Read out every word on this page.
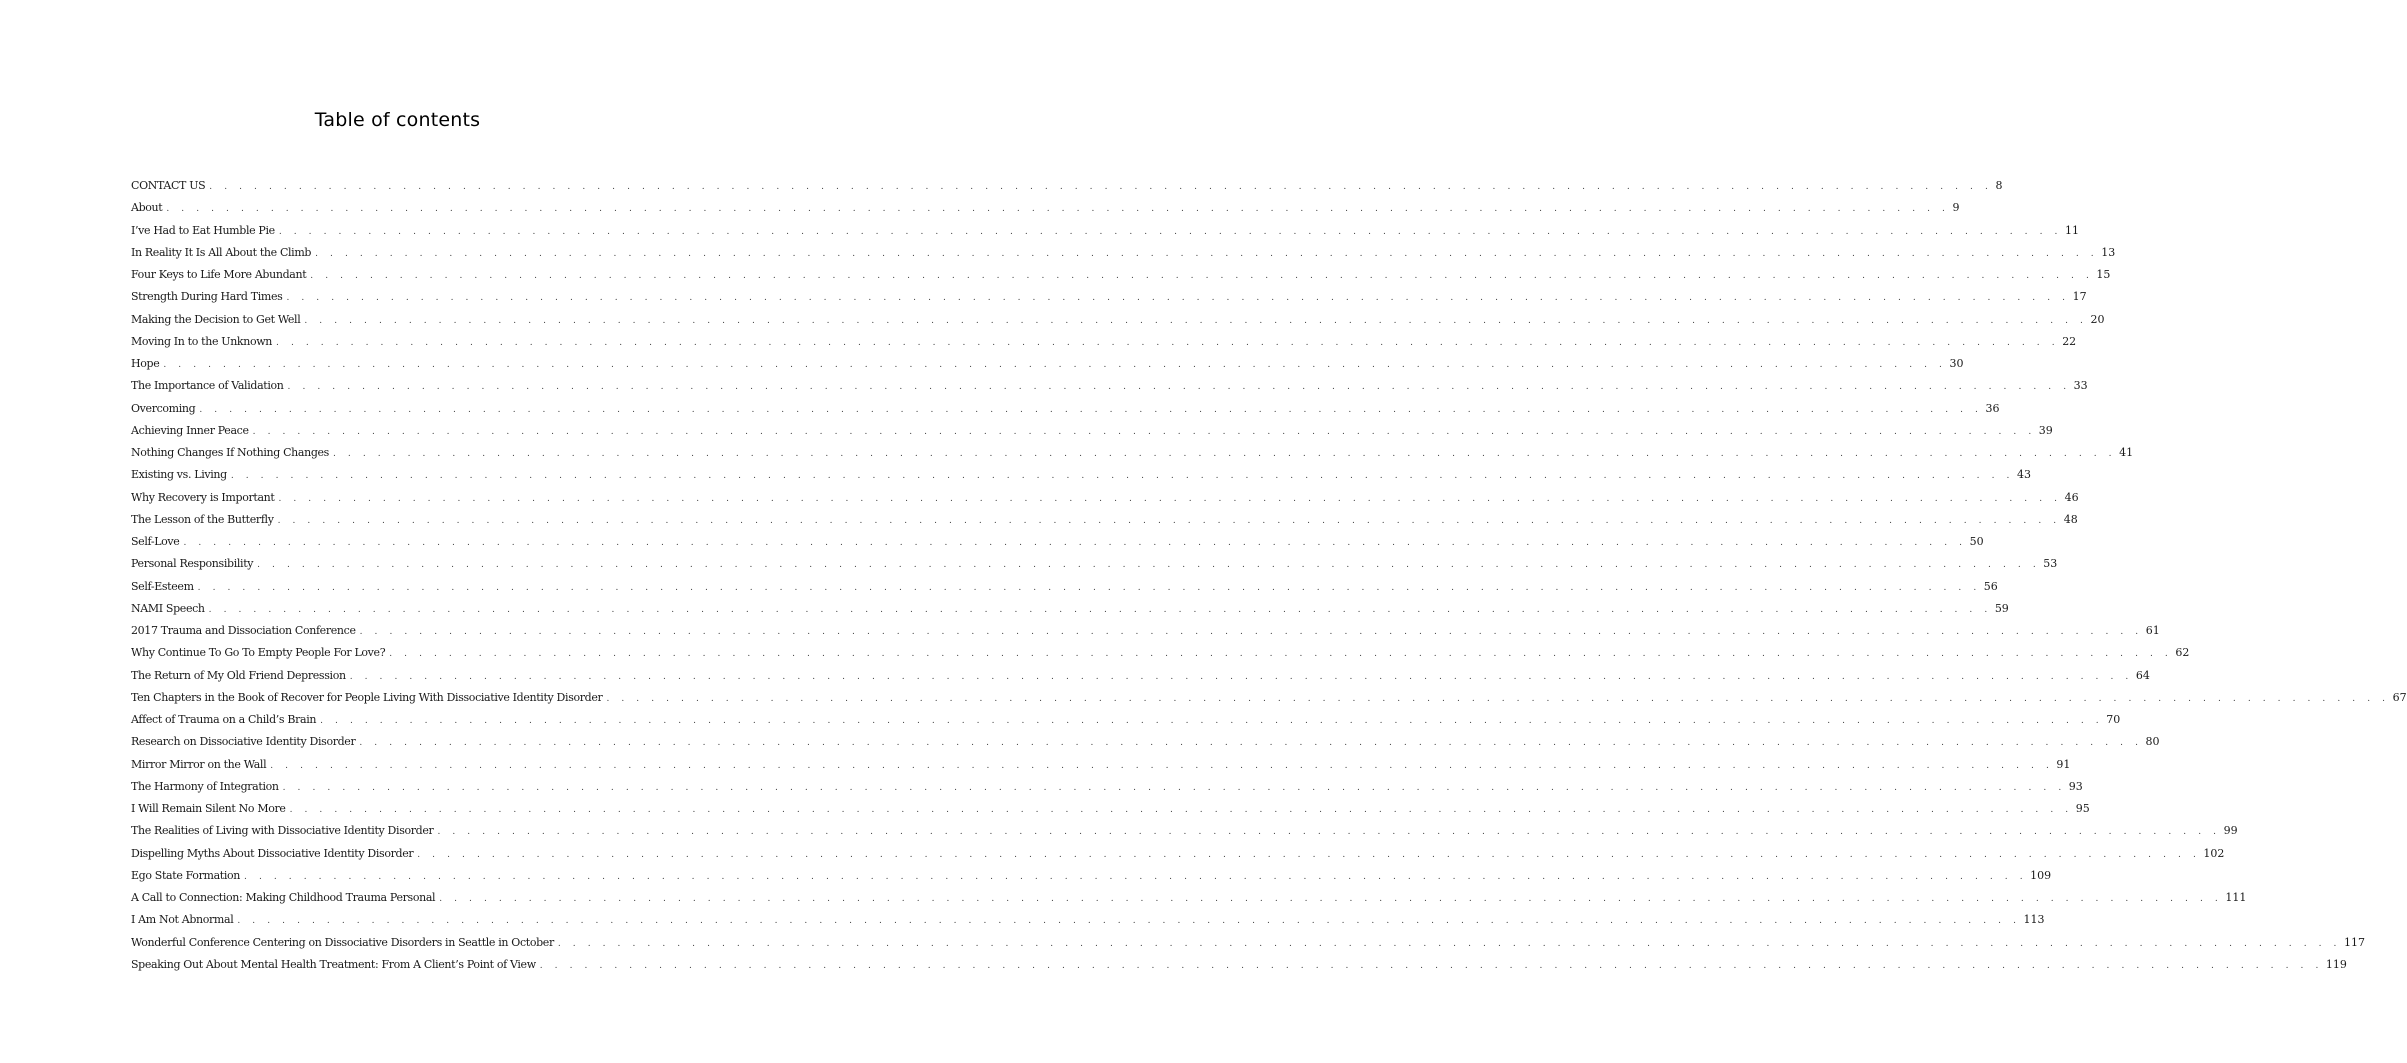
Table of contents
CONTACT US . . . . . . . . . . . . . . . . . . . . . . . . . . . . . . . . . . . . . . . . . . . . . . . . . . . . . . . . . . . . . . . . . . . . . . . . . . . . . . . . . . . . . . . . . . . . . . . . . . . . . . . . . . . . . . . . . . . . . . . . 8
About . . . . . . . . . . . . . . . . . . . . . . . . . . . . . . . . . . . . . . . . . . . . . . . . . . . . . . . . . . . . . . . . . . . . . . . . . . . . . . . . . . . . . . . . . . . . . . . . . . . . . . . . . . . . . . . . . . . . . . . . 9
I’ve Had to Eat Humble Pie . . . . . . . . . . . . . . . . . . . . . . . . . . . . . . . . . . . . . . . . . . . . . . . . . . . . . . . . . . . . . . . . . . . . . . . . . . . . . . . . . . . . . . . . . . . . . . . . . . . . . . . . . . . . . . . . . . . . . . . . 11
In Reality It Is All About the Climb . . . . . . . . . . . . . . . . . . . . . . . . . . . . . . . . . . . . . . . . . . . . . . . . . . . . . . . . . . . . . . . . . . . . . . . . . . . . . . . . . . . . . . . . . . . . . . . . . . . . . . . . . . . . . . . . . . . . . . . . 13
Four Keys to Life More Abundant . . . . . . . . . . . . . . . . . . . . . . . . . . . . . . . . . . . . . . . . . . . . . . . . . . . . . . . . . . . . . . . . . . . . . . . . . . . . . . . . . . . . . . . . . . . . . . . . . . . . . . . . . . . . . . . . . . . . . . . . 15
Strength During Hard Times . . . . . . . . . . . . . . . . . . . . . . . . . . . . . . . . . . . . . . . . . . . . . . . . . . . . . . . . . . . . . . . . . . . . . . . . . . . . . . . . . . . . . . . . . . . . . . . . . . . . . . . . . . . . . . . . . . . . . . . . 17
Making the Decision to Get Well . . . . . . . . . . . . . . . . . . . . . . . . . . . . . . . . . . . . . . . . . . . . . . . . . . . . . . . . . . . . . . . . . . . . . . . . . . . . . . . . . . . . . . . . . . . . . . . . . . . . . . . . . . . . . . . . . . . . . . . . 20
Moving In to the Unknown . . . . . . . . . . . . . . . . . . . . . . . . . . . . . . . . . . . . . . . . . . . . . . . . . . . . . . . . . . . . . . . . . . . . . . . . . . . . . . . . . . . . . . . . . . . . . . . . . . . . . . . . . . . . . . . . . . . . . . . . 22
Hope . . . . . . . . . . . . . . . . . . . . . . . . . . . . . . . . . . . . . . . . . . . . . . . . . . . . . . . . . . . . . . . . . . . . . . . . . . . . . . . . . . . . . . . . . . . . . . . . . . . . . . . . . . . . . . . . . . . . . . . . 30
The Importance of Validation . . . . . . . . . . . . . . . . . . . . . . . . . . . . . . . . . . . . . . . . . . . . . . . . . . . . . . . . . . . . . . . . . . . . . . . . . . . . . . . . . . . . . . . . . . . . . . . . . . . . . . . . . . . . . . . . . . . . . . . . 33
Overcoming . . . . . . . . . . . . . . . . . . . . . . . . . . . . . . . . . . . . . . . . . . . . . . . . . . . . . . . . . . . . . . . . . . . . . . . . . . . . . . . . . . . . . . . . . . . . . . . . . . . . . . . . . . . . . . . . . . . . . . . . 36
Achieving Inner Peace . . . . . . . . . . . . . . . . . . . . . . . . . . . . . . . . . . . . . . . . . . . . . . . . . . . . . . . . . . . . . . . . . . . . . . . . . . . . . . . . . . . . . . . . . . . . . . . . . . . . . . . . . . . . . . . . . . . . . . . . 39
Nothing Changes If Nothing Changes . . . . . . . . . . . . . . . . . . . . . . . . . . . . . . . . . . . . . . . . . . . . . . . . . . . . . . . . . . . . . . . . . . . . . . . . . . . . . . . . . . . . . . . . . . . . . . . . . . . . . . . . . . . . . . . . . . . . . . . . 41
Existing vs. Living . . . . . . . . . . . . . . . . . . . . . . . . . . . . . . . . . . . . . . . . . . . . . . . . . . . . . . . . . . . . . . . . . . . . . . . . . . . . . . . . . . . . . . . . . . . . . . . . . . . . . . . . . . . . . . . . . . . . . . . . 43
Why Recovery is Important . . . . . . . . . . . . . . . . . . . . . . . . . . . . . . . . . . . . . . . . . . . . . . . . . . . . . . . . . . . . . . . . . . . . . . . . . . . . . . . . . . . . . . . . . . . . . . . . . . . . . . . . . . . . . . . . . . . . . . . . 46
The Lesson of the Butterfly . . . . . . . . . . . . . . . . . . . . . . . . . . . . . . . . . . . . . . . . . . . . . . . . . . . . . . . . . . . . . . . . . . . . . . . . . . . . . . . . . . . . . . . . . . . . . . . . . . . . . . . . . . . . . . . . . . . . . . . . 48
Self-Love . . . . . . . . . . . . . . . . . . . . . . . . . . . . . . . . . . . . . . . . . . . . . . . . . . . . . . . . . . . . . . . . . . . . . . . . . . . . . . . . . . . . . . . . . . . . . . . . . . . . . . . . . . . . . . . . . . . . . . . . 50
Personal Responsibility . . . . . . . . . . . . . . . . . . . . . . . . . . . . . . . . . . . . . . . . . . . . . . . . . . . . . . . . . . . . . . . . . . . . . . . . . . . . . . . . . . . . . . . . . . . . . . . . . . . . . . . . . . . . . . . . . . . . . . . . 53
Self-Esteem . . . . . . . . . . . . . . . . . . . . . . . . . . . . . . . . . . . . . . . . . . . . . . . . . . . . . . . . . . . . . . . . . . . . . . . . . . . . . . . . . . . . . . . . . . . . . . . . . . . . . . . . . . . . . . . . . . . . . . . . 56
NAMI Speech . . . . . . . . . . . . . . . . . . . . . . . . . . . . . . . . . . . . . . . . . . . . . . . . . . . . . . . . . . . . . . . . . . . . . . . . . . . . . . . . . . . . . . . . . . . . . . . . . . . . . . . . . . . . . . . . . . . . . . . . 59
2017 Trauma and Dissociation Conference . . . . . . . . . . . . . . . . . . . . . . . . . . . . . . . . . . . . . . . . . . . . . . . . . . . . . . . . . . . . . . . . . . . . . . . . . . . . . . . . . . . . . . . . . . . . . . . . . . . . . . . . . . . . . . . . . . . . . . . . 61
Why Continue To Go To Empty People For Love? . . . . . . . . . . . . . . . . . . . . . . . . . . . . . . . . . . . . . . . . . . . . . . . . . . . . . . . . . . . . . . . . . . . . . . . . . . . . . . . . . . . . . . . . . . . . . . . . . . . . . . . . . . . . . . . . . . . . . . . . 62
The Return of My Old Friend Depression . . . . . . . . . . . . . . . . . . . . . . . . . . . . . . . . . . . . . . . . . . . . . . . . . . . . . . . . . . . . . . . . . . . . . . . . . . . . . . . . . . . . . . . . . . . . . . . . . . . . . . . . . . . . . . . . . . . . . . . . 64
Ten Chapters in the Book of Recover for People Living With Dissociative Identity Disorder . . . . . . . . . . . . . . . . . . . . . . . . . . . . . . . . . . . . . . . . . . . . . . . . . . . . . . . . . . . . . . . . . . . . . . . . . . . . . . . . . . . . . . . . . . . . . . . . . . . . . . . . . . . . . . . . . . . . . . . . 67
Affect of Trauma on a Child’s Brain . . . . . . . . . . . . . . . . . . . . . . . . . . . . . . . . . . . . . . . . . . . . . . . . . . . . . . . . . . . . . . . . . . . . . . . . . . . . . . . . . . . . . . . . . . . . . . . . . . . . . . . . . . . . . . . . . . . . . . . . 70
Research on Dissociative Identity Disorder . . . . . . . . . . . . . . . . . . . . . . . . . . . . . . . . . . . . . . . . . . . . . . . . . . . . . . . . . . . . . . . . . . . . . . . . . . . . . . . . . . . . . . . . . . . . . . . . . . . . . . . . . . . . . . . . . . . . . . . . 80
Mirror Mirror on the Wall . . . . . . . . . . . . . . . . . . . . . . . . . . . . . . . . . . . . . . . . . . . . . . . . . . . . . . . . . . . . . . . . . . . . . . . . . . . . . . . . . . . . . . . . . . . . . . . . . . . . . . . . . . . . . . . . . . . . . . . . 91
The Harmony of Integration . . . . . . . . . . . . . . . . . . . . . . . . . . . . . . . . . . . . . . . . . . . . . . . . . . . . . . . . . . . . . . . . . . . . . . . . . . . . . . . . . . . . . . . . . . . . . . . . . . . . . . . . . . . . . . . . . . . . . . . . 93
I Will Remain Silent No More . . . . . . . . . . . . . . . . . . . . . . . . . . . . . . . . . . . . . . . . . . . . . . . . . . . . . . . . . . . . . . . . . . . . . . . . . . . . . . . . . . . . . . . . . . . . . . . . . . . . . . . . . . . . . . . . . . . . . . . . 95
The Realities of Living with Dissociative Identity Disorder . . . . . . . . . . . . . . . . . . . . . . . . . . . . . . . . . . . . . . . . . . . . . . . . . . . . . . . . . . . . . . . . . . . . . . . . . . . . . . . . . . . . . . . . . . . . . . . . . . . . . . . . . . . . . . . . . . . . . . . . 99
Dispelling Myths About Dissociative Identity Disorder . . . . . . . . . . . . . . . . . . . . . . . . . . . . . . . . . . . . . . . . . . . . . . . . . . . . . . . . . . . . . . . . . . . . . . . . . . . . . . . . . . . . . . . . . . . . . . . . . . . . . . . . . . . . . . . . . . . . . . . . 102
Ego State Formation . . . . . . . . . . . . . . . . . . . . . . . . . . . . . . . . . . . . . . . . . . . . . . . . . . . . . . . . . . . . . . . . . . . . . . . . . . . . . . . . . . . . . . . . . . . . . . . . . . . . . . . . . . . . . . . . . . . . . . . . 109
A Call to Connection: Making Childhood Trauma Personal . . . . . . . . . . . . . . . . . . . . . . . . . . . . . . . . . . . . . . . . . . . . . . . . . . . . . . . . . . . . . . . . . . . . . . . . . . . . . . . . . . . . . . . . . . . . . . . . . . . . . . . . . . . . . . . . . . . . . . . . 111
I Am Not Abnormal . . . . . . . . . . . . . . . . . . . . . . . . . . . . . . . . . . . . . . . . . . . . . . . . . . . . . . . . . . . . . . . . . . . . . . . . . . . . . . . . . . . . . . . . . . . . . . . . . . . . . . . . . . . . . . . . . . . . . . . . 113
Wonderful Conference Centering on Dissociative Disorders in Seattle in October . . . . . . . . . . . . . . . . . . . . . . . . . . . . . . . . . . . . . . . . . . . . . . . . . . . . . . . . . . . . . . . . . . . . . . . . . . . . . . . . . . . . . . . . . . . . . . . . . . . . . . . . . . . . . . . . . . . . . . . . 117
Speaking Out About Mental Health Treatment: From A Client’s Point of View . . . . . . . . . . . . . . . . . . . . . . . . . . . . . . . . . . . . . . . . . . . . . . . . . . . . . . . . . . . . . . . . . . . . . . . . . . . . . . . . . . . . . . . . . . . . . . . . . . . . . . . . . . . . . . . . . . . . . . . . 119
